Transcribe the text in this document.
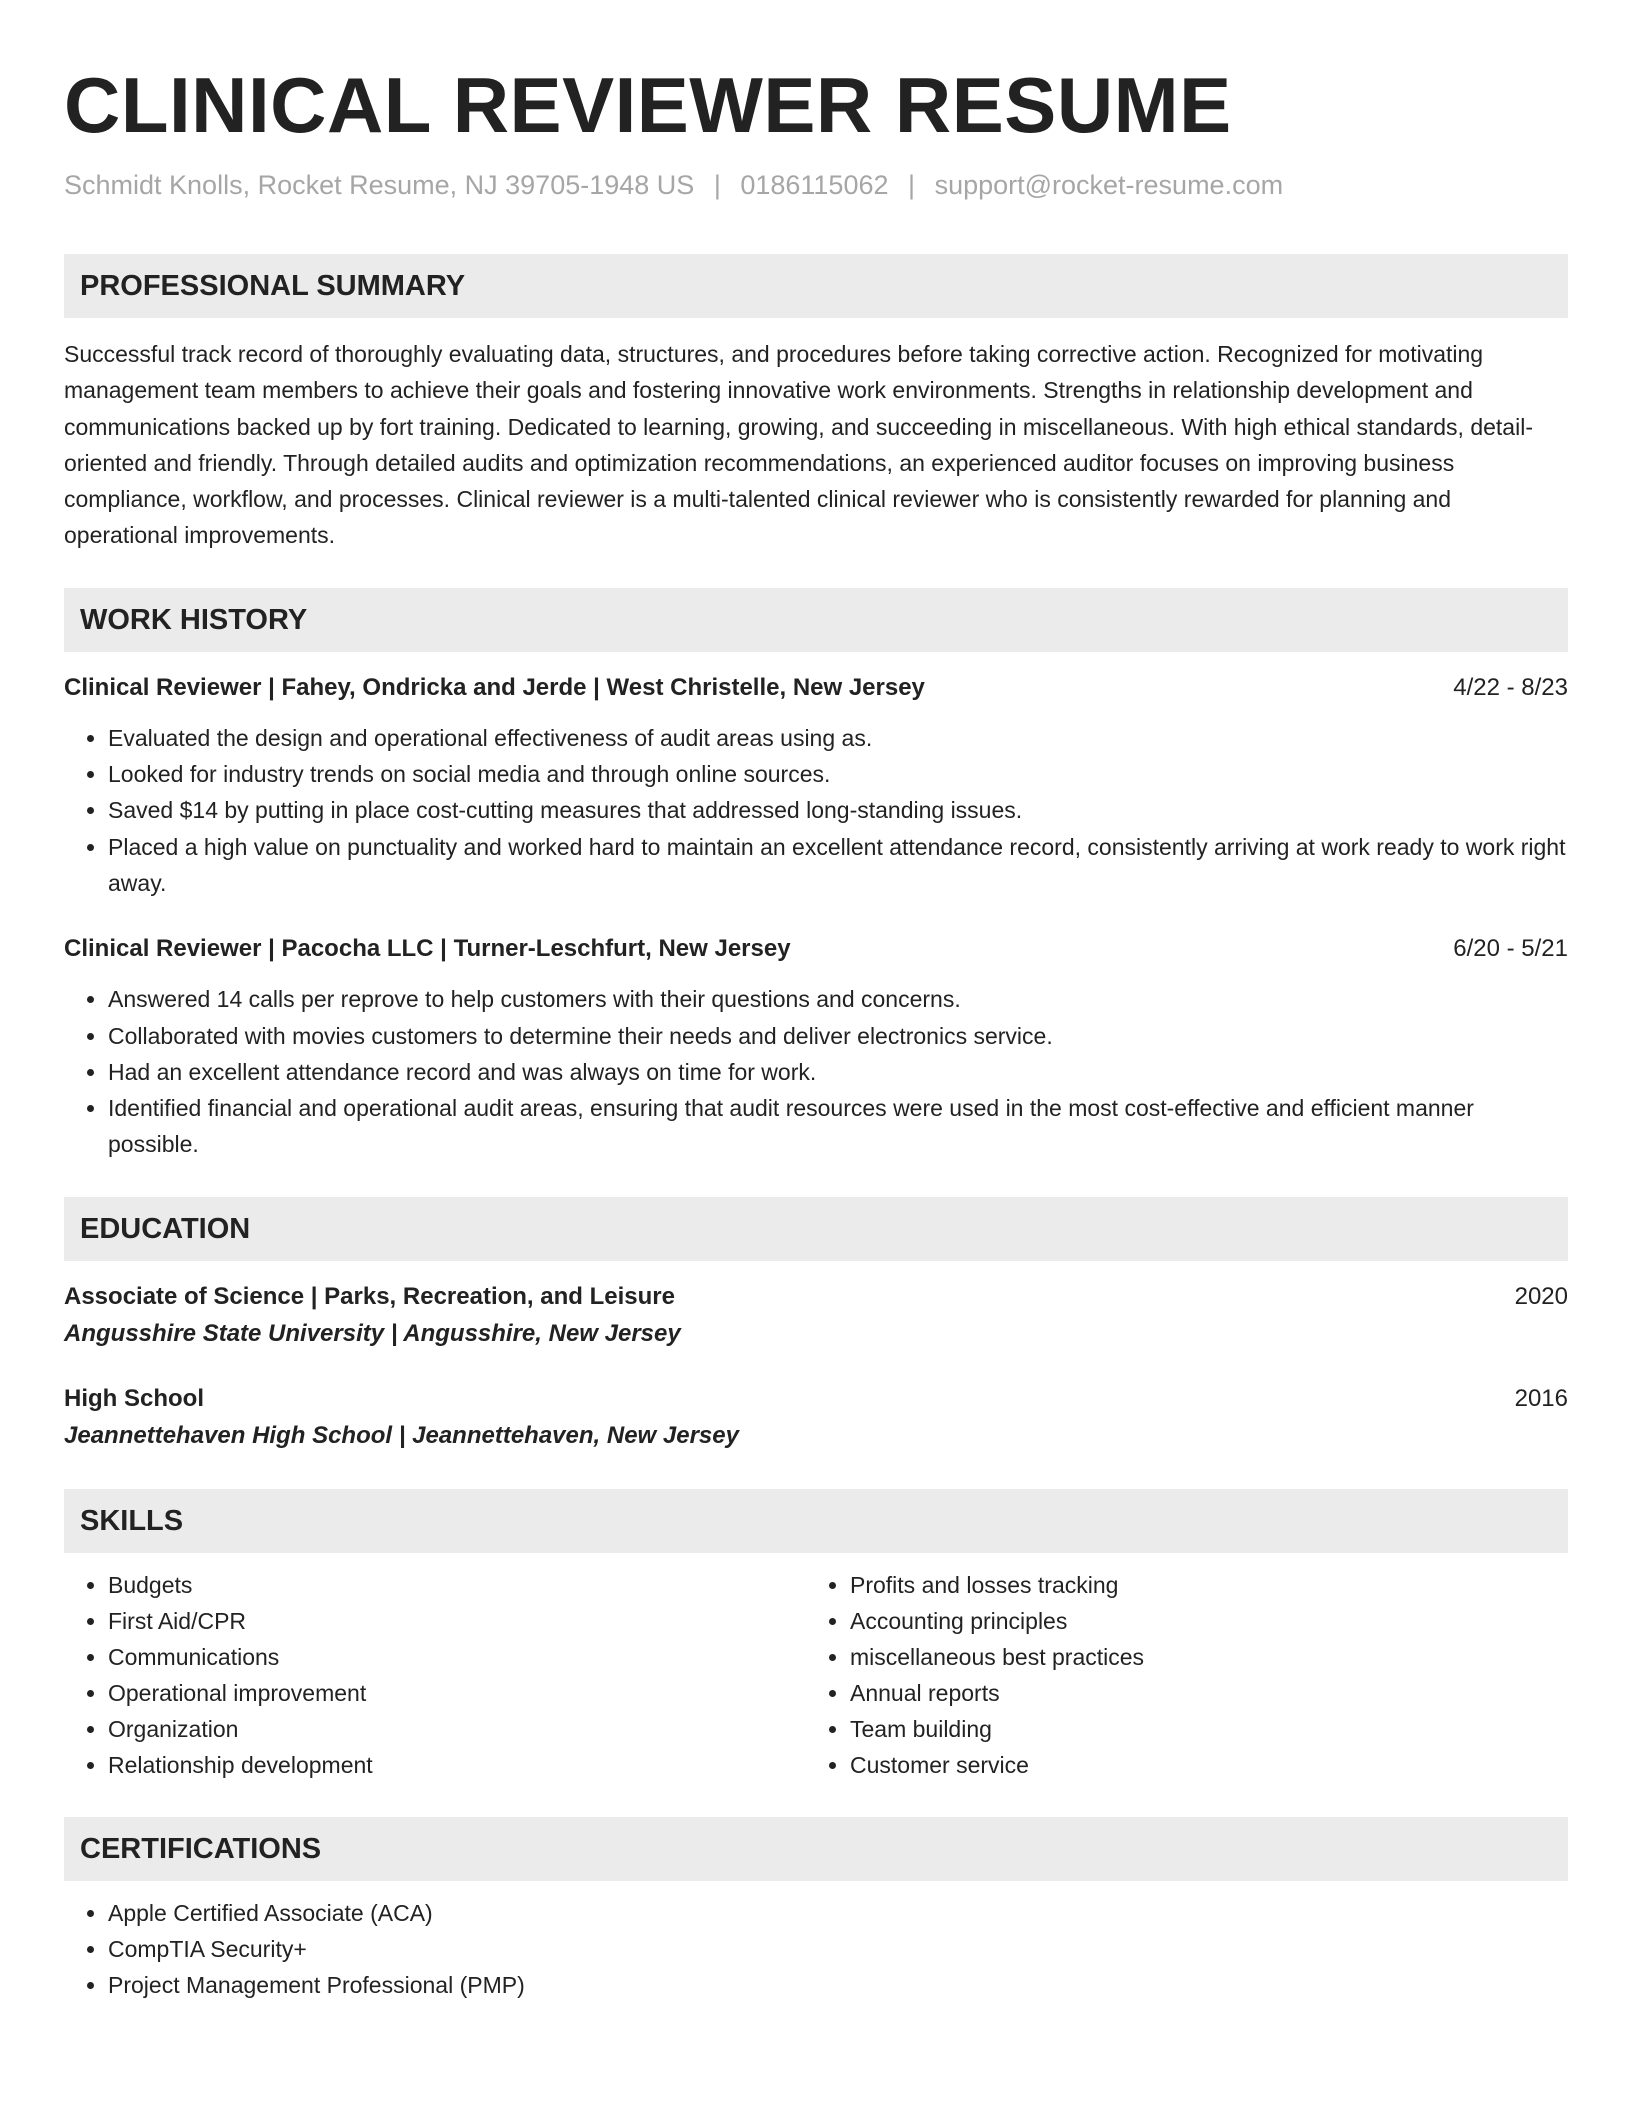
CLINICAL REVIEWER RESUME
Schmidt Knolls, Rocket Resume, NJ 39705-1948 US | 0186115062 | support@rocket-resume.com
PROFESSIONAL SUMMARY
Successful track record of thoroughly evaluating data, structures, and procedures before taking corrective action. Recognized for motivating management team members to achieve their goals and fostering innovative work environments. Strengths in relationship development and communications backed up by fort training. Dedicated to learning, growing, and succeeding in miscellaneous. With high ethical standards, detail-oriented and friendly. Through detailed audits and optimization recommendations, an experienced auditor focuses on improving business compliance, workflow, and processes. Clinical reviewer is a multi-talented clinical reviewer who is consistently rewarded for planning and operational improvements.
WORK HISTORY
Clinical Reviewer | Fahey, Ondricka and Jerde | West Christelle, New Jersey	4/22 - 8/23
• Evaluated the design and operational effectiveness of audit areas using as.
• Looked for industry trends on social media and through online sources.
• Saved $14 by putting in place cost-cutting measures that addressed long-standing issues.
• Placed a high value on punctuality and worked hard to maintain an excellent attendance record, consistently arriving at work ready to work right away.
Clinical Reviewer | Pacocha LLC | Turner-Leschfurt, New Jersey	6/20 - 5/21
• Answered 14 calls per reprove to help customers with their questions and concerns.
• Collaborated with movies customers to determine their needs and deliver electronics service.
• Had an excellent attendance record and was always on time for work.
• Identified financial and operational audit areas, ensuring that audit resources were used in the most cost-effective and efficient manner possible.
EDUCATION
Associate of Science | Parks, Recreation, and Leisure	2020
Angusshire State University | Angusshire, New Jersey
High School	2016
Jeannettehaven High School | Jeannettehaven, New Jersey
SKILLS
• Budgets
• First Aid/CPR
• Communications
• Operational improvement
• Organization
• Relationship development
• Profits and losses tracking
• Accounting principles
• miscellaneous best practices
• Annual reports
• Team building
• Customer service
CERTIFICATIONS
• Apple Certified Associate (ACA)
• CompTIA Security+
• Project Management Professional (PMP)
